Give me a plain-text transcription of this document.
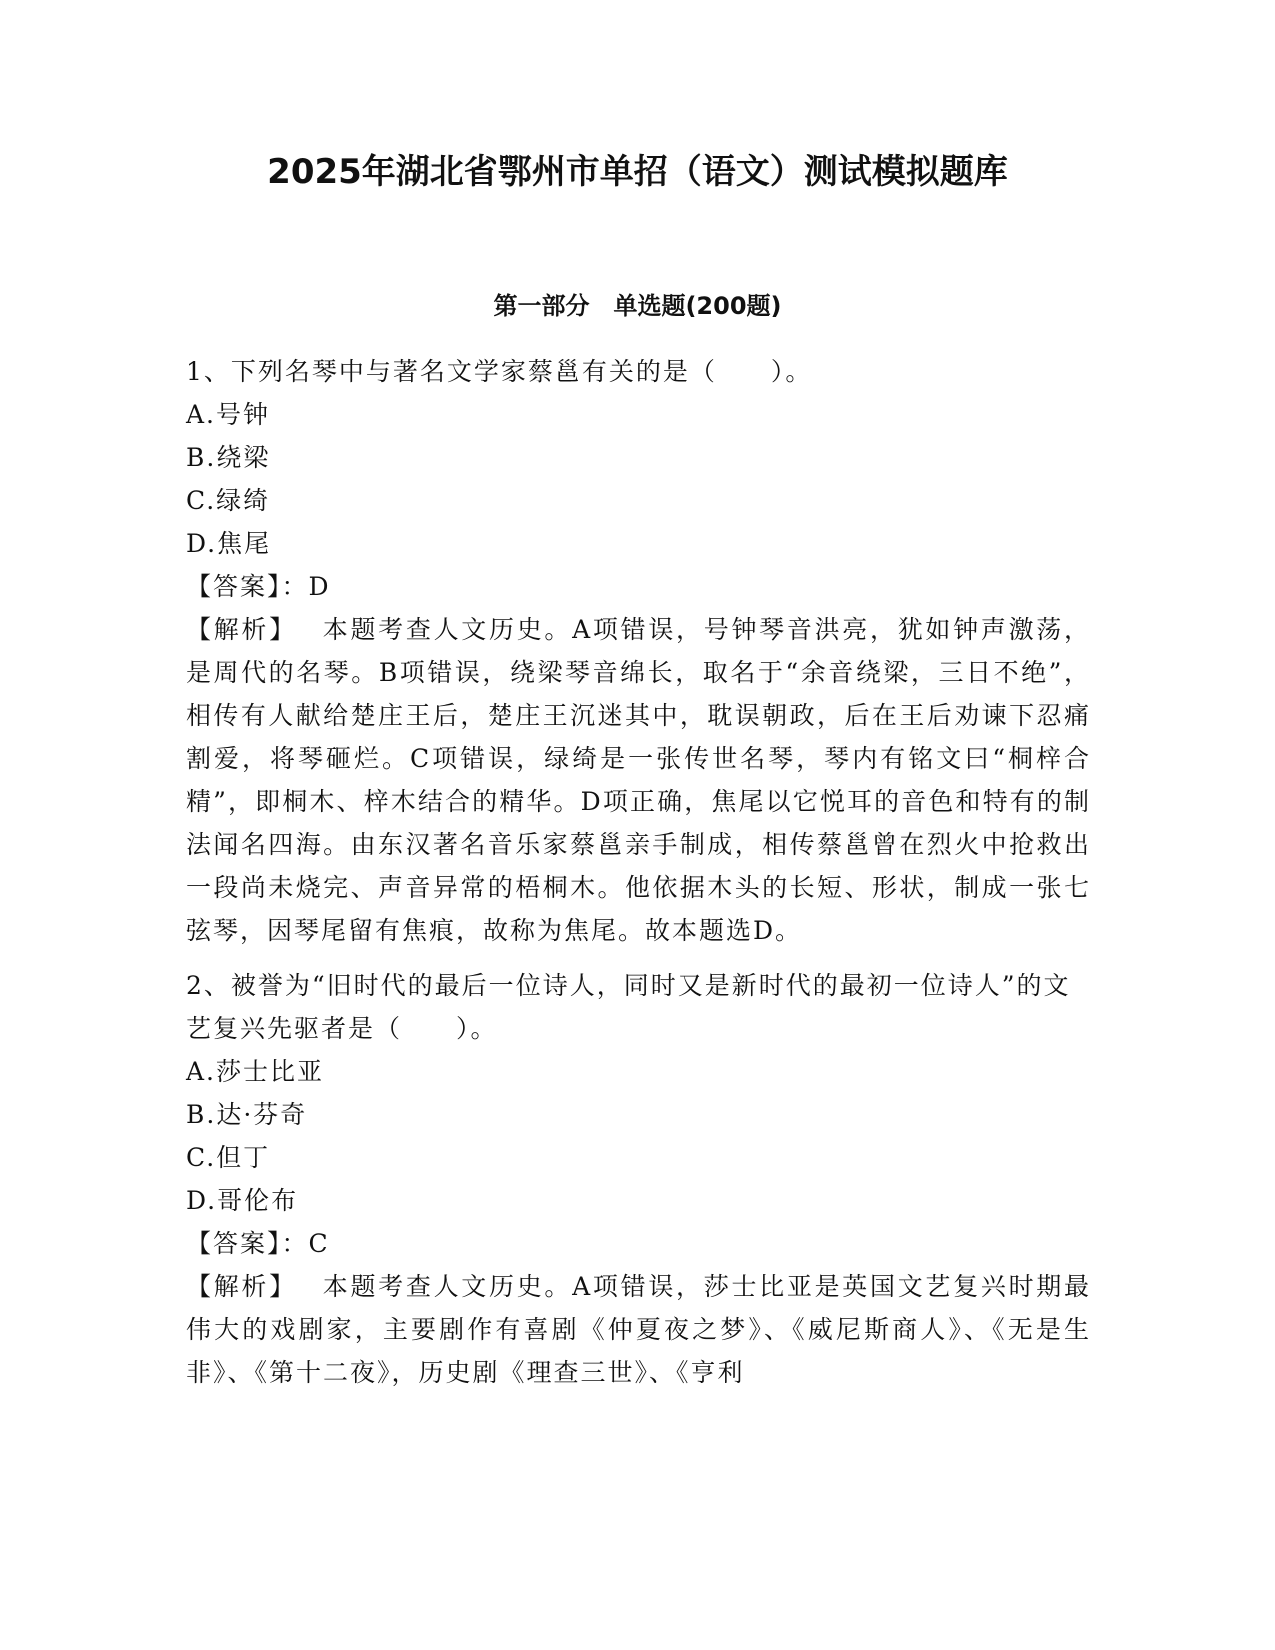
2025年湖北省鄂州市单招（语文）测试模拟题库
第一部分　单选题(200题)

1、下列名琴中与著名文学家蔡邕有关的是（　　）。

A.号钟

B.绕梁

C.绿绮

D.焦尾

【答案】：D

【解析】　 本题考查人文历史。A项错误，号钟琴音洪亮，犹如钟声激荡，是周代的名琴。B项错误，绕梁琴音绵长，取名于“余音绕梁，三日不绝”，相传有人献给楚庄王后，楚庄王沉迷其中，耽误朝政，后在王后劝谏下忍痛割爱，将琴砸烂。C项错误，绿绮是一张传世名琴，琴内有铭文曰“桐梓合精”，即桐木、梓木结合的精华。D项正确，焦尾以它悦耳的音色和特有的制法闻名四海。由东汉著名音乐家蔡邕亲手制成，相传蔡邕曾在烈火中抢救出一段尚未烧完、声音异常的梧桐木。他依据木头的长短、形状，制成一张七弦琴，因琴尾留有焦痕，故称为焦尾。故本题选D。

2、被誉为“旧时代的最后一位诗人，同时又是新时代的最初一位诗人”的文艺复兴先驱者是（　　）。

A.莎士比亚

B.达·芬奇

C.但丁

D.哥伦布

【答案】：C

【解析】　 本题考查人文历史。A项错误，莎士比亚是英国文艺复兴时期最伟大的戏剧家，主要剧作有喜剧《仲夏夜之梦》、《威尼斯商人》、《无是生非》、《第十二夜》，历史剧《理查三世》、《亨利
